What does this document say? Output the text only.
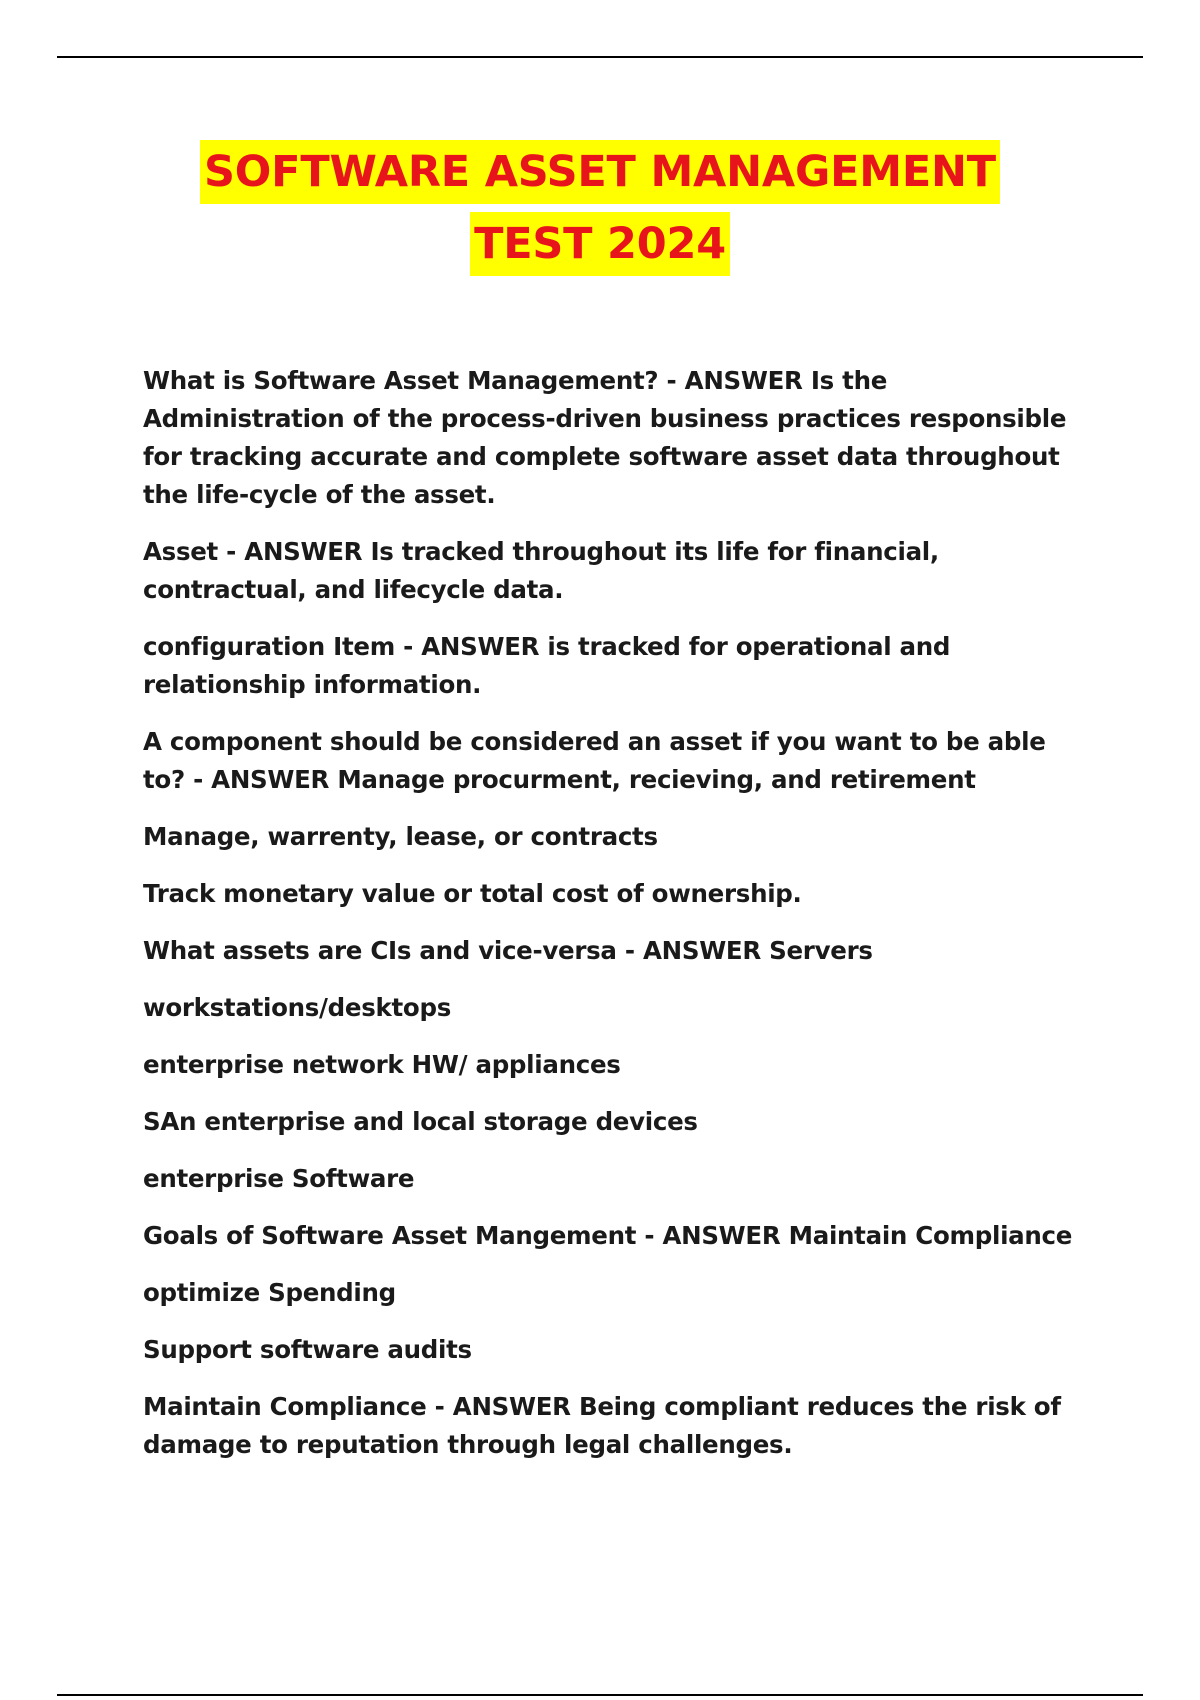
SOFTWARE ASSET MANAGEMENT
TEST 2024

What is Software Asset Management? - ANSWER Is the Administration of the process-driven business practices responsible for tracking accurate and complete software asset data throughout the life-cycle of the asset.

Asset - ANSWER Is tracked throughout its life for financial, contractual, and lifecycle data.

configuration Item - ANSWER is tracked for operational and relationship information.

A component should be considered an asset if you want to be able to? - ANSWER Manage procurment, recieving, and retirement

Manage, warrenty, lease, or contracts

Track monetary value or total cost of ownership.

What assets are CIs and vice-versa - ANSWER Servers

workstations/desktops

enterprise network HW/ appliances

SAn enterprise and local storage devices

enterprise Software

Goals of Software Asset Mangement - ANSWER Maintain Compliance

optimize Spending

Support software audits

Maintain Compliance - ANSWER Being compliant reduces the risk of damage to reputation through legal challenges.
